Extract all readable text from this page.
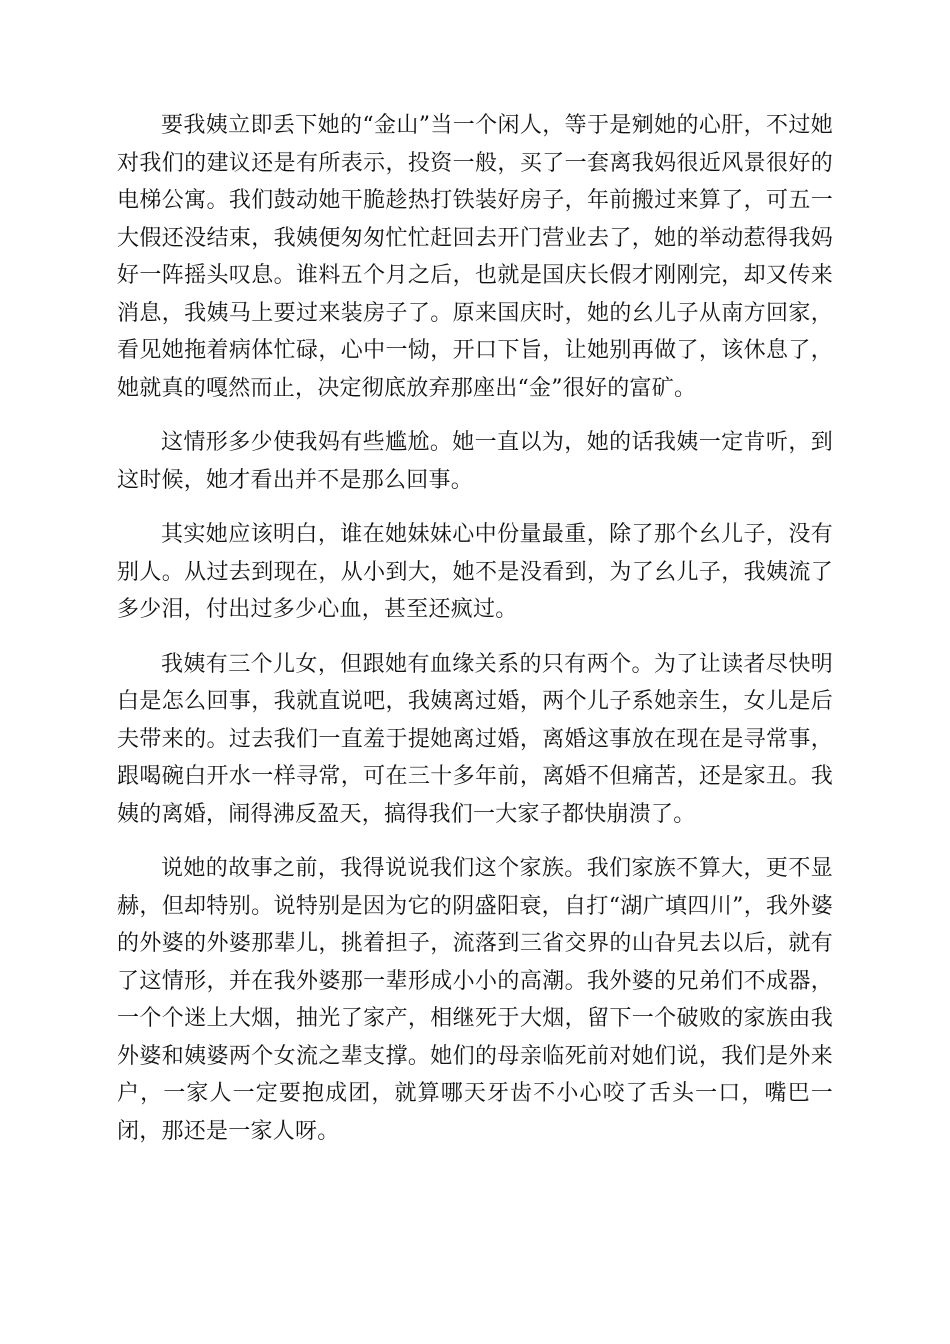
要我姨立即丢下她的“金山”当一个闲人，等于是剜她的心肝，不过她对我们的建议还是有所表示，投资一般，买了一套离我妈很近风景很好的电梯公寓。我们鼓动她干脆趁热打铁装好房子，年前搬过来算了，可五一大假还没结束，我姨便匆匆忙忙赶回去开门营业去了，她的举动惹得我妈好一阵摇头叹息。谁料五个月之后，也就是国庆长假才刚刚完，却又传来消息，我姨马上要过来装房子了。原来国庆时，她的幺儿子从南方回家，看见她拖着病体忙碌，心中一恸，开口下旨，让她别再做了，该休息了，她就真的嘎然而止，决定彻底放弃那座出“金”很好的富矿。

这情形多少使我妈有些尴尬。她一直以为，她的话我姨一定肯听，到这时候，她才看出并不是那么回事。

其实她应该明白，谁在她妹妹心中份量最重，除了那个幺儿子，没有别人。从过去到现在，从小到大，她不是没看到，为了幺儿子，我姨流了多少泪，付出过多少心血，甚至还疯过。

我姨有三个儿女，但跟她有血缘关系的只有两个。为了让读者尽快明白是怎么回事，我就直说吧，我姨离过婚，两个儿子系她亲生，女儿是后夫带来的。过去我们一直羞于提她离过婚，离婚这事放在现在是寻常事，跟喝碗白开水一样寻常，可在三十多年前，离婚不但痛苦，还是家丑。我姨的离婚，闹得沸反盈天，搞得我们一大家子都快崩溃了。

说她的故事之前，我得说说我们这个家族。我们家族不算大，更不显赫，但却特别。说特别是因为它的阴盛阳衰，自打“湖广填四川”，我外婆的外婆的外婆那辈儿，挑着担子，流落到三省交界的山旮旯去以后，就有了这情形，并在我外婆那一辈形成小小的高潮。我外婆的兄弟们不成器，一个个迷上大烟，抽光了家产，相继死于大烟，留下一个破败的家族由我外婆和姨婆两个女流之辈支撑。她们的母亲临死前对她们说，我们是外来户，一家人一定要抱成团，就算哪天牙齿不小心咬了舌头一口，嘴巴一闭，那还是一家人呀。
